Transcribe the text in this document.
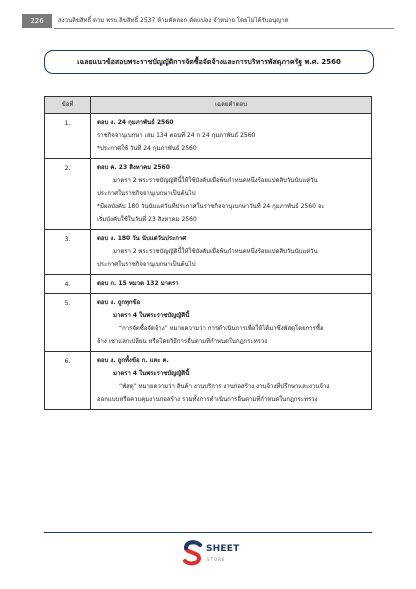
226	สงวนลิขสิทธิ์ ตาม พรบ.ลิขสิทธิ์ 2537 ห้ามคัดลอก ดัดแปลง จำหน่าย โดยไม่ได้รับอนุญาต
เฉลยแนวข้อสอบพระราชบัญญัติการจัดซื้อจัดจ้างและการบริหารพัสดุภาครัฐ พ.ศ. 2560
ข้อที่	เฉลยคำตอบ
1.	ตอบ ง. 24 กุมภาพันธ์ 2560
ราชกิจจานุเบกษา เล่ม 134 ตอนที่ 24 ก 24 กุมภาพันธ์ 2560
*ประกาศใช้ วันที่ 24 กุมภาพันธ์ 2560

2.	ตอบ ค. 23 สิงหาคม 2560
มาตรา 2 พระราชบัญญัตินี้ให้ใช้บังคับเมื่อพ้นกำหนดหนึ่งร้อยแปดสิบวันนับแต่วัน
ประกาศในราชกิจจานุเบกษาเป็นต้นไป
*มีผลบังคับ 180 วันนับแต่วันที่ประกาศในราชกิจจานุเบกษาวันที่ 24 กุมภาพันธ์ 2560 จะ
เริ่มบังคับใช้ในวันที่ 23 สิงหาคม 2560

3.	ตอบ ง. 180 วัน นับแต่วันประกาศ
มาตรา 2 พระราชบัญญัตินี้ให้ใช้บังคับเมื่อพ้นกำหนดหนึ่งร้อยแปดสิบวันนับแต่วัน
ประกาศในราชกิจจานุเบกษาเป็นต้นไป

4.	ตอบ ก. 15 หมวด 132 มาตรา

5.	ตอบ ง. ถูกทุกข้อ
มาตรา 4 ในพระราชบัญญัตินี้
“การจัดซื้อจัดจ้าง” หมายความว่า การดำเนินการเพื่อให้ได้มาซึ่งพัสดุโดยการซื้อ
จ้าง เช่าแลกเปลี่ยน หรือโดยวิธีการอื่นตามที่กำหนดในกฎกระทรวง

6.	ตอบ ง. ถูกทั้งข้อ ก. และ ค.
มาตรา 4 ในพระราชบัญญัตินี้
“พัสดุ” หมายความว่า สินค้า งานบริการ งานก่อสร้าง งานจ้างที่ปรึกษาและงานจ้าง
ออกแบบหรือควบคุมงานก่อสร้าง รวมทั้งการดำเนินการอื่นตามที่กำหนดในกฎกระทรวง
SHEET
STORE
